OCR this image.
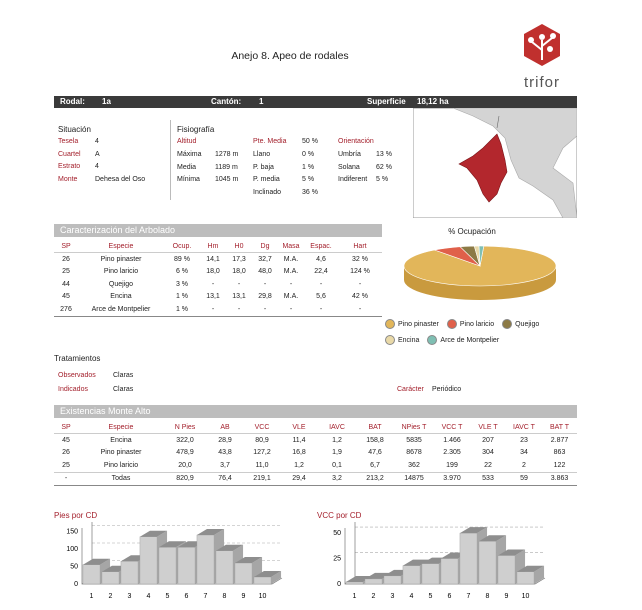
Anejo 8. Apeo de rodales
trifor
Rodal: 1a	Cantón: 1	Superficie 18,12 ha
Situación
Tesela 4
Cuartel A
Estrato 4
Monte	Dehesa del Oso
Fisiografía
Altitud
Máxima 1278 m
Media	1189 m
Mínima 1045 m
Pte. Media 50 %
Llano	0 %
P. baja	1 %
P. media	5 %
Inclinado	36 %
Orientación
Umbría 13 %
Solana 62 %
Indiferent 5 %
Caracterización del Arbolado
SP	Especie	Ocup.	Hm	H0	Dg	Masa	Espac.	Hart
26	Pino pinaster	89 %	14,1	17,3	32,7	M.A.	4,6	32 %
25	Pino laricio	6 %	18,0	18,0	48,0	M.A.	22,4	124 %
44	Quejigo	3 %	-	-	-	-	-	-
45	Encina	1 %	13,1	13,1	29,8	M.A.	5,6	42 %
276	Arce de Montpelier	1 %	-	-	-	-	-	-
% Ocupación
Pino pinaster	Pino laricio	Quejigo
Encina	Arce de Montpelier
Tratamientos
Observados Claras
Indicados	Claras	Carácter Periódico
Existencias Monte Alto
SP	Especie	N Pies	AB	VCC	VLE	IAVC	BAT	NPies T	VCC T	VLE T	IAVC T	BAT T
45	Encina	322,0	28,9	80,9	11,4	1,2	158,8	5835	1.466	207	23	2.877
26	Pino pinaster	478,9	43,8	127,2	16,8	1,9	47,6	8678	2.305	304	34	863
25	Pino laricio	20,0	3,7	11,0	1,2	0,1	6,7	362	199	22	2	122
-	Todas	820,9	76,4	219,1	29,4	3,2	213,2	14875	3.970	533	59	3.863
Pies por CD
0
50
100
150
1 2 3 4 5 6 7 8 9 10
VCC por CD
0
25
50
1 2 3 4 5 6 7 8 9 10
